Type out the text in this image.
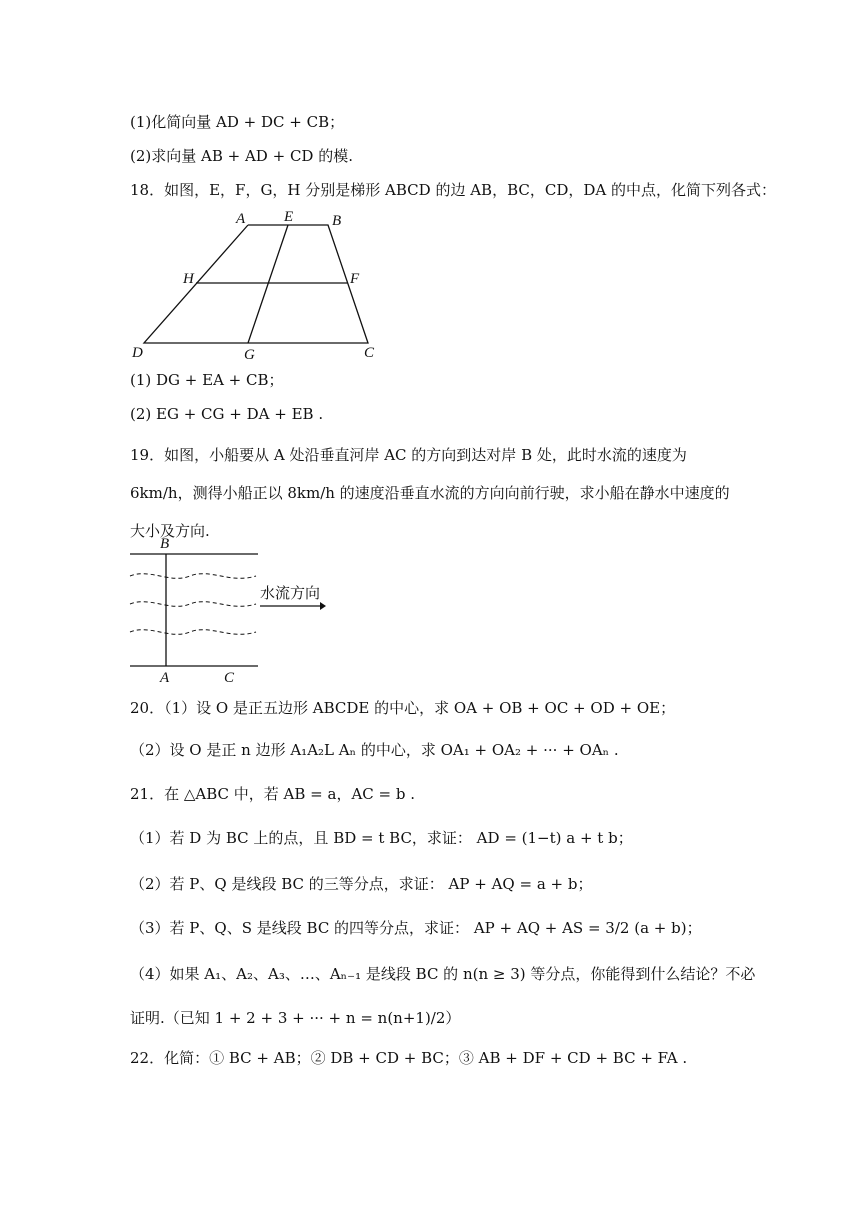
(1)化简向量 AD + DC + CB；
(2)求向量 AB + AD + CD 的模.
18．如图，E，F，G，H 分别是梯形 ABCD 的边 AB，BC，CD，DA 的中点，化简下列各式：
A	E	B
H	F
D	G	C
(1) DG + EA + CB；
(2) EG + CG + DA + EB .
19．如图，小船要从 A 处沿垂直河岸 AC 的方向到达对岸 B 处，此时水流的速度为 6km/h，测得小船正以 8km/h 的速度沿垂直水流的方向向前行驶，求小船在静水中速度的大小及方向.
B
A	C
水流方向
20．（1）设 O 是正五边形 ABCDE 的中心，求 OA + OB + OC + OD + OE；
（2）设 O 是正 n 边形 A₁A₂L Aₙ 的中心，求 OA₁ + OA₂ + ··· + OAₙ .
21．在 △ABC 中，若 AB = a，AC = b .
（1）若 D 为 BC 上的点，且 BD = t BC，求证： AD = (1−t) a + t b；
（2）若 P、Q 是线段 BC 的三等分点，求证： AP + AQ = a + b；
（3）若 P、Q、S 是线段 BC 的四等分点，求证： AP + AQ + AS = 3/2 (a + b)；
（4）如果 A₁、A₂、A₃、…、Aₙ₋₁ 是线段 BC 的 n(n ≥ 3) 等分点，你能得到什么结论？不必
证明.（已知 1 + 2 + 3 + ··· + n = n(n+1)/2）
22．化简：① BC + AB；② DB + CD + BC；③ AB + DF + CD + BC + FA .
